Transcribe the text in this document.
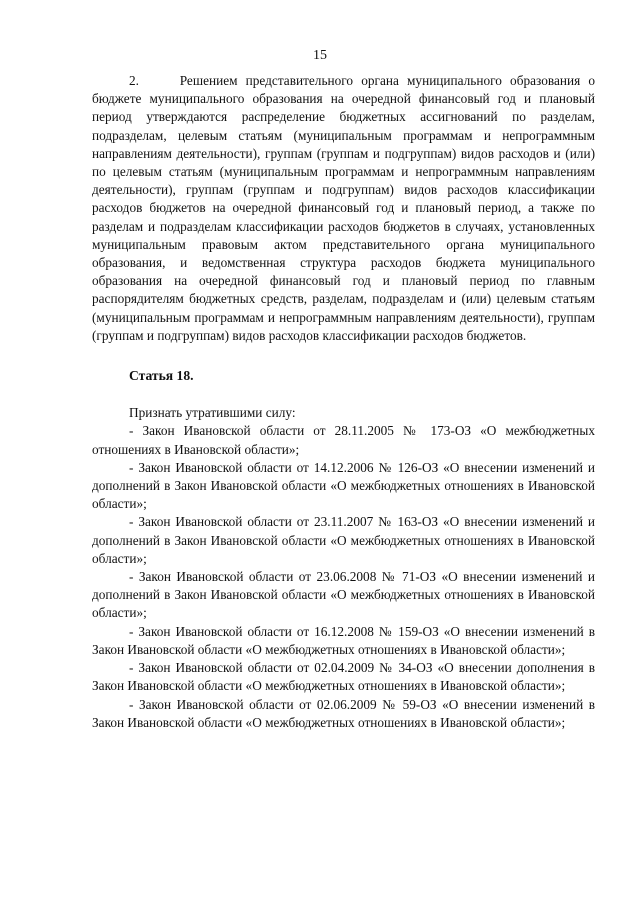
15

2.     Решением представительного органа муниципального образования о бюджете муниципального образования на очередной финансовый год и плановый период утверждаются распределение бюджетных ассигнований по разделам, подразделам, целевым статьям (муниципальным программам и непрограммным направлениям деятельности), группам (группам и подгруппам) видов расходов и (или) по целевым статьям (муниципальным программам и непрограммным направлениям деятельности), группам (группам и подгруппам) видов расходов классификации расходов бюджетов на очередной финансовый год и плановый период, а также по разделам и подразделам классификации расходов бюджетов в случаях, установленных муниципальным правовым актом представительного органа муниципального образования, и ведомственная структура расходов бюджета муниципального образования на очередной финансовый год и плановый период по главным распорядителям бюджетных средств, разделам, подразделам и (или) целевым статьям (муниципальным программам и непрограммным направлениям деятельности), группам (группам и подгруппам) видов расходов классификации расходов бюджетов.

Статья 18.

Признать утратившими силу:

- Закон Ивановской области от 28.11.2005 № 173-ОЗ «О межбюджетных отношениях в Ивановской области»;

- Закон Ивановской области от 14.12.2006 № 126-ОЗ «О внесении изменений и дополнений в Закон Ивановской области «О межбюджетных отношениях в Ивановской области»;

- Закон Ивановской области от 23.11.2007 № 163-ОЗ «О внесении изменений и дополнений в Закон Ивановской области «О межбюджетных отношениях в Ивановской области»;

- Закон Ивановской области от 23.06.2008 № 71-ОЗ «О внесении изменений и дополнений в Закон Ивановской области «О межбюджетных отношениях в Ивановской области»;

- Закон Ивановской области от 16.12.2008 № 159-ОЗ «О внесении изменений в Закон Ивановской области «О межбюджетных отношениях в Ивановской области»;

- Закон Ивановской области от 02.04.2009 № 34-ОЗ «О внесении дополнения в Закон Ивановской области «О межбюджетных отношениях в Ивановской области»;

- Закон Ивановской области от 02.06.2009 № 59-ОЗ «О внесении изменений в Закон Ивановской области «О межбюджетных отношениях в Ивановской области»;
